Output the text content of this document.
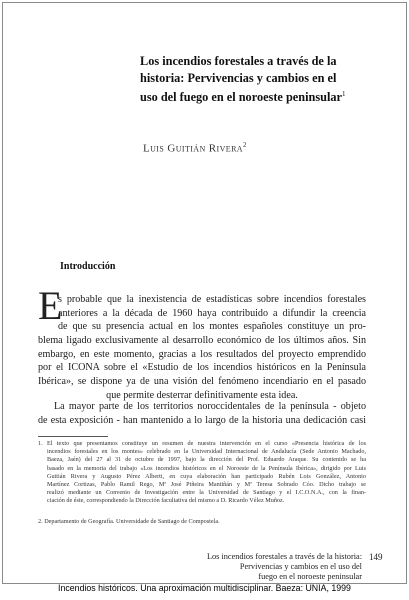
Los incendios forestales a través de la
historia: Pervivencias y cambios en el
uso del fuego en el noroeste peninsular$^1$
Luis Guitián Rivera$^2$
Introducción
E
s probable que la inexistencia de estadísticas sobre incendios forestales
anteriores a la década de 1960 haya contribuido a difundir la creencia
de que su presencia actual en los montes españoles constituye un pro-
blema ligado exclusivamente al desarrollo económico de los últimos años. Sin
embargo, en este momento, gracias a los resultados del proyecto emprendido
por el ICONA sobre el «Estudio de los incendios históricos en la Península
Ibérica», se dispone ya de una visión del fenómeno incendiario en el pasado
que permite desterrar definitivamente esta idea.
La mayor parte de los territorios noroccidentales de la península - objeto
de esta exposición - han mantenido a lo largo de la historia una dedicación casi
1. El texto que presentamos constituye un resumen de nuestra intervención en el curso «Presencia histórica de los
incendios forestales en los montes» celebrado en la Universidad Internacional de Andalucía (Sede Antonio Machado,
Baeza, Jaén) del 27 al 31 de octubre de 1997, bajo la dirección del Prof. Eduardo Araque. Su contenido se ha
basado en la memoria del trabajo «Los incendios históricos en el Noroeste de la Península Ibérica», dirigido por Luis
Guitián Rivera y Augusto Pérez Alberti, en cuya elaboración han participado Rubén Lois González, Antonio
Martínez Cortizas, Pablo Ramil Rego, Mª José Piñeira Mantiñán y Mª Teresa Sobrado Cóo. Dicho trabajo se
realizó mediante un Convenio de Investigación entre la Universidad de Santiago y el I.C.O.N.A., con la finan-
ciación de éste, correspondiendo la Dirección facultativa del mismo a D. Ricardo Vélez Muñoz.
2. Departamento de Geografía. Universidade de Santiago de Compostela.
Los incendios forestales a través de la historia:
Pervivencias y cambios en el uso del
fuego en el noroeste peninsular
149
Incendios históricos. Una aproximación multidisciplinar. Baeza: UNIA, 1999
